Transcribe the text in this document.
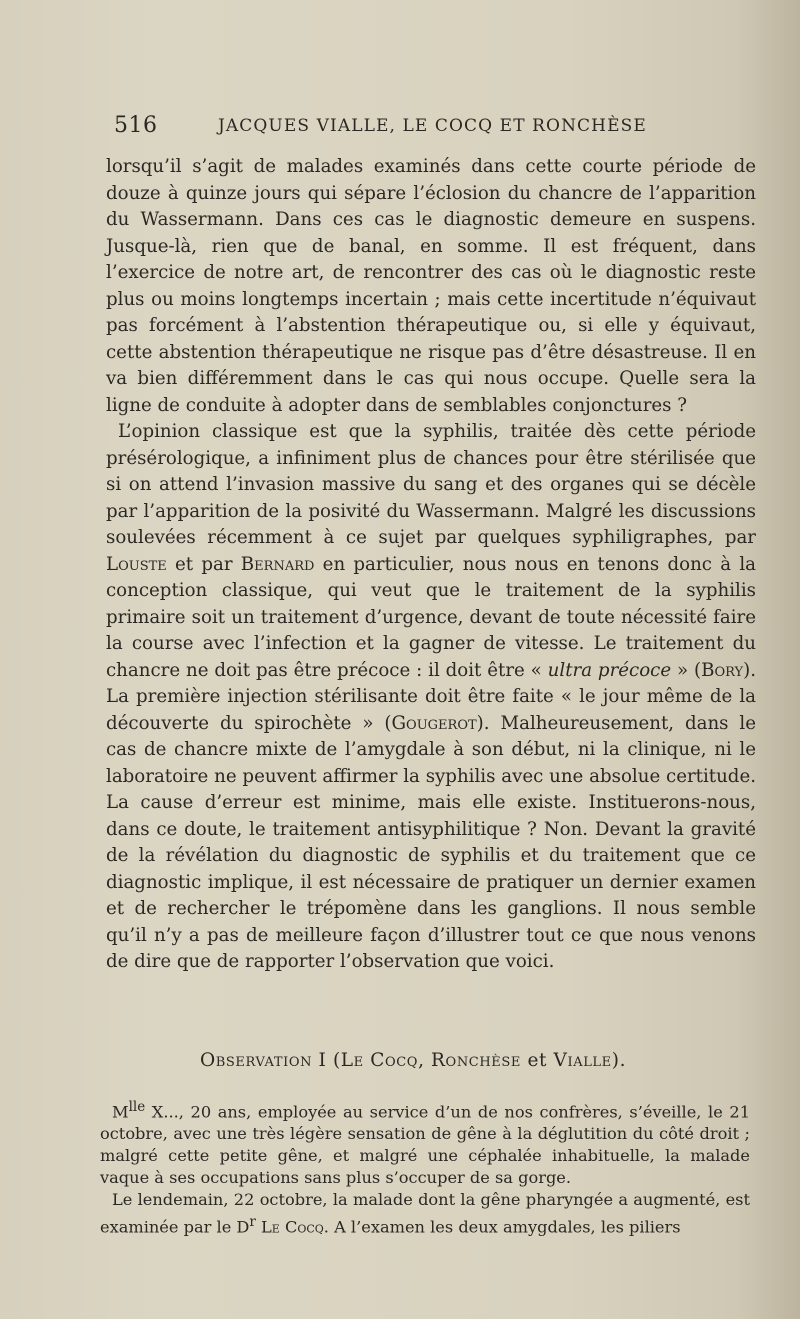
516	JACQUES VIALLE, LE COCQ ET RONCHÈSE

lorsqu’il s’agit de malades examinés dans cette courte période de douze à quinze jours qui sépare l’éclosion du chancre de l’apparition du Wassermann. Dans ces cas le diagnostic demeure en suspens. Jusque-là, rien que de banal, en somme. Il est fréquent, dans l’exercice de notre art, de rencontrer des cas où le diagnostic reste plus ou moins longtemps incertain ; mais cette incertitude n’équivaut pas forcément à l’abstention thérapeutique ou, si elle y équivaut, cette abstention thérapeutique ne risque pas d’être désastreuse. Il en va bien différemment dans le cas qui nous occupe. Quelle sera la ligne de conduite à adopter dans de semblables conjonctures ?

L’opinion classique est que la syphilis, traitée dès cette période présérologique, a infiniment plus de chances pour être stérilisée que si on attend l’invasion massive du sang et des organes qui se décèle par l’apparition de la posivité du Wassermann. Malgré les discussions soulevées récemment à ce sujet par quelques syphiligraphes, par Louste et par Bernard en particulier, nous nous en tenons donc à la conception classique, qui veut que le traitement de la syphilis primaire soit un traitement d’urgence, devant de toute nécessité faire la course avec l’infection et la gagner de vitesse. Le traitement du chancre ne doit pas être précoce : il doit être « ultra précoce » (Bory). La première injection stérilisante doit être faite « le jour même de la découverte du spirochète » (Gougerot). Malheureusement, dans le cas de chancre mixte de l’amygdale à son début, ni la clinique, ni le laboratoire ne peuvent affirmer la syphilis avec une absolue certitude. La cause d’erreur est minime, mais elle existe. Instituerons-nous, dans ce doute, le traitement antisyphilitique ? Non. Devant la gravité de la révélation du diagnostic de syphilis et du traitement que ce diagnostic implique, il est nécessaire de pratiquer un dernier examen et de rechercher le trépomène dans les ganglions. Il nous semble qu’il n’y a pas de meilleure façon d’illustrer tout ce que nous venons de dire que de rapporter l’observation que voici.

Observation I (Le Cocq, Ronchèse et Vialle).

$M^{lle}$ X..., 20 ans, employée au service d’un de nos confrères, s’éveille, le 21 octobre, avec une très légère sensation de gêne à la déglutition du côté droit ; malgré cette petite gêne, et malgré une céphalée inhabituelle, la malade vaque à ses occupations sans plus s’occuper de sa gorge.

Le lendemain, 22 octobre, la malade dont la gêne pharyngée a augmenté, est examinée par le $D^r$ Le Cocq. A l’examen les deux amygdales, les piliers
